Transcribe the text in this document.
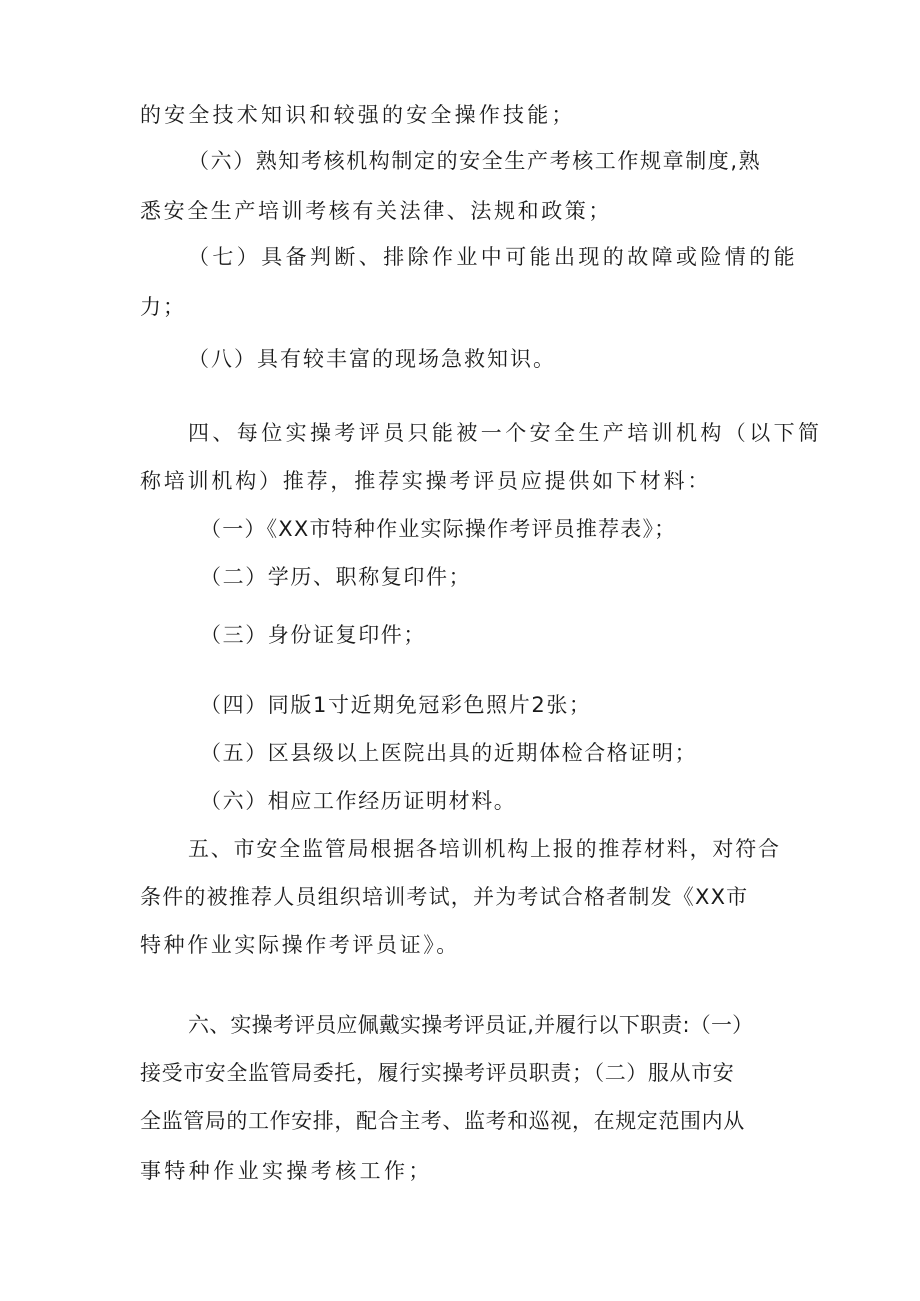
的安全技术知识和较强的安全操作技能；

（六）熟知考核机构制定的安全生产考核工作规章制度,熟

悉安全生产培训考核有关法律、法规和政策；

（七）具备判断、排除作业中可能出现的故障或险情的能

力；

（八）具有较丰富的现场急救知识。

四、每位实操考评员只能被一个安全生产培训机构（以下简

称培训机构）推荐，推荐实操考评员应提供如下材料：

（一）《XX市特种作业实际操作考评员推荐表》；

（二）学历、职称复印件；

（三）身份证复印件；

（四）同版1寸近期免冠彩色照片2张；

（五）区县级以上医院出具的近期体检合格证明；

（六）相应工作经历证明材料。

五、市安全监管局根据各培训机构上报的推荐材料，对符合

条件的被推荐人员组织培训考试，并为考试合格者制发《XX市

特种作业实际操作考评员证》。

六、实操考评员应佩戴实操考评员证,并履行以下职责:（一）

接受市安全监管局委托，履行实操考评员职责；（二）服从市安

全监管局的工作安排，配合主考、监考和巡视，在规定范围内从

事特种作业实操考核工作；
